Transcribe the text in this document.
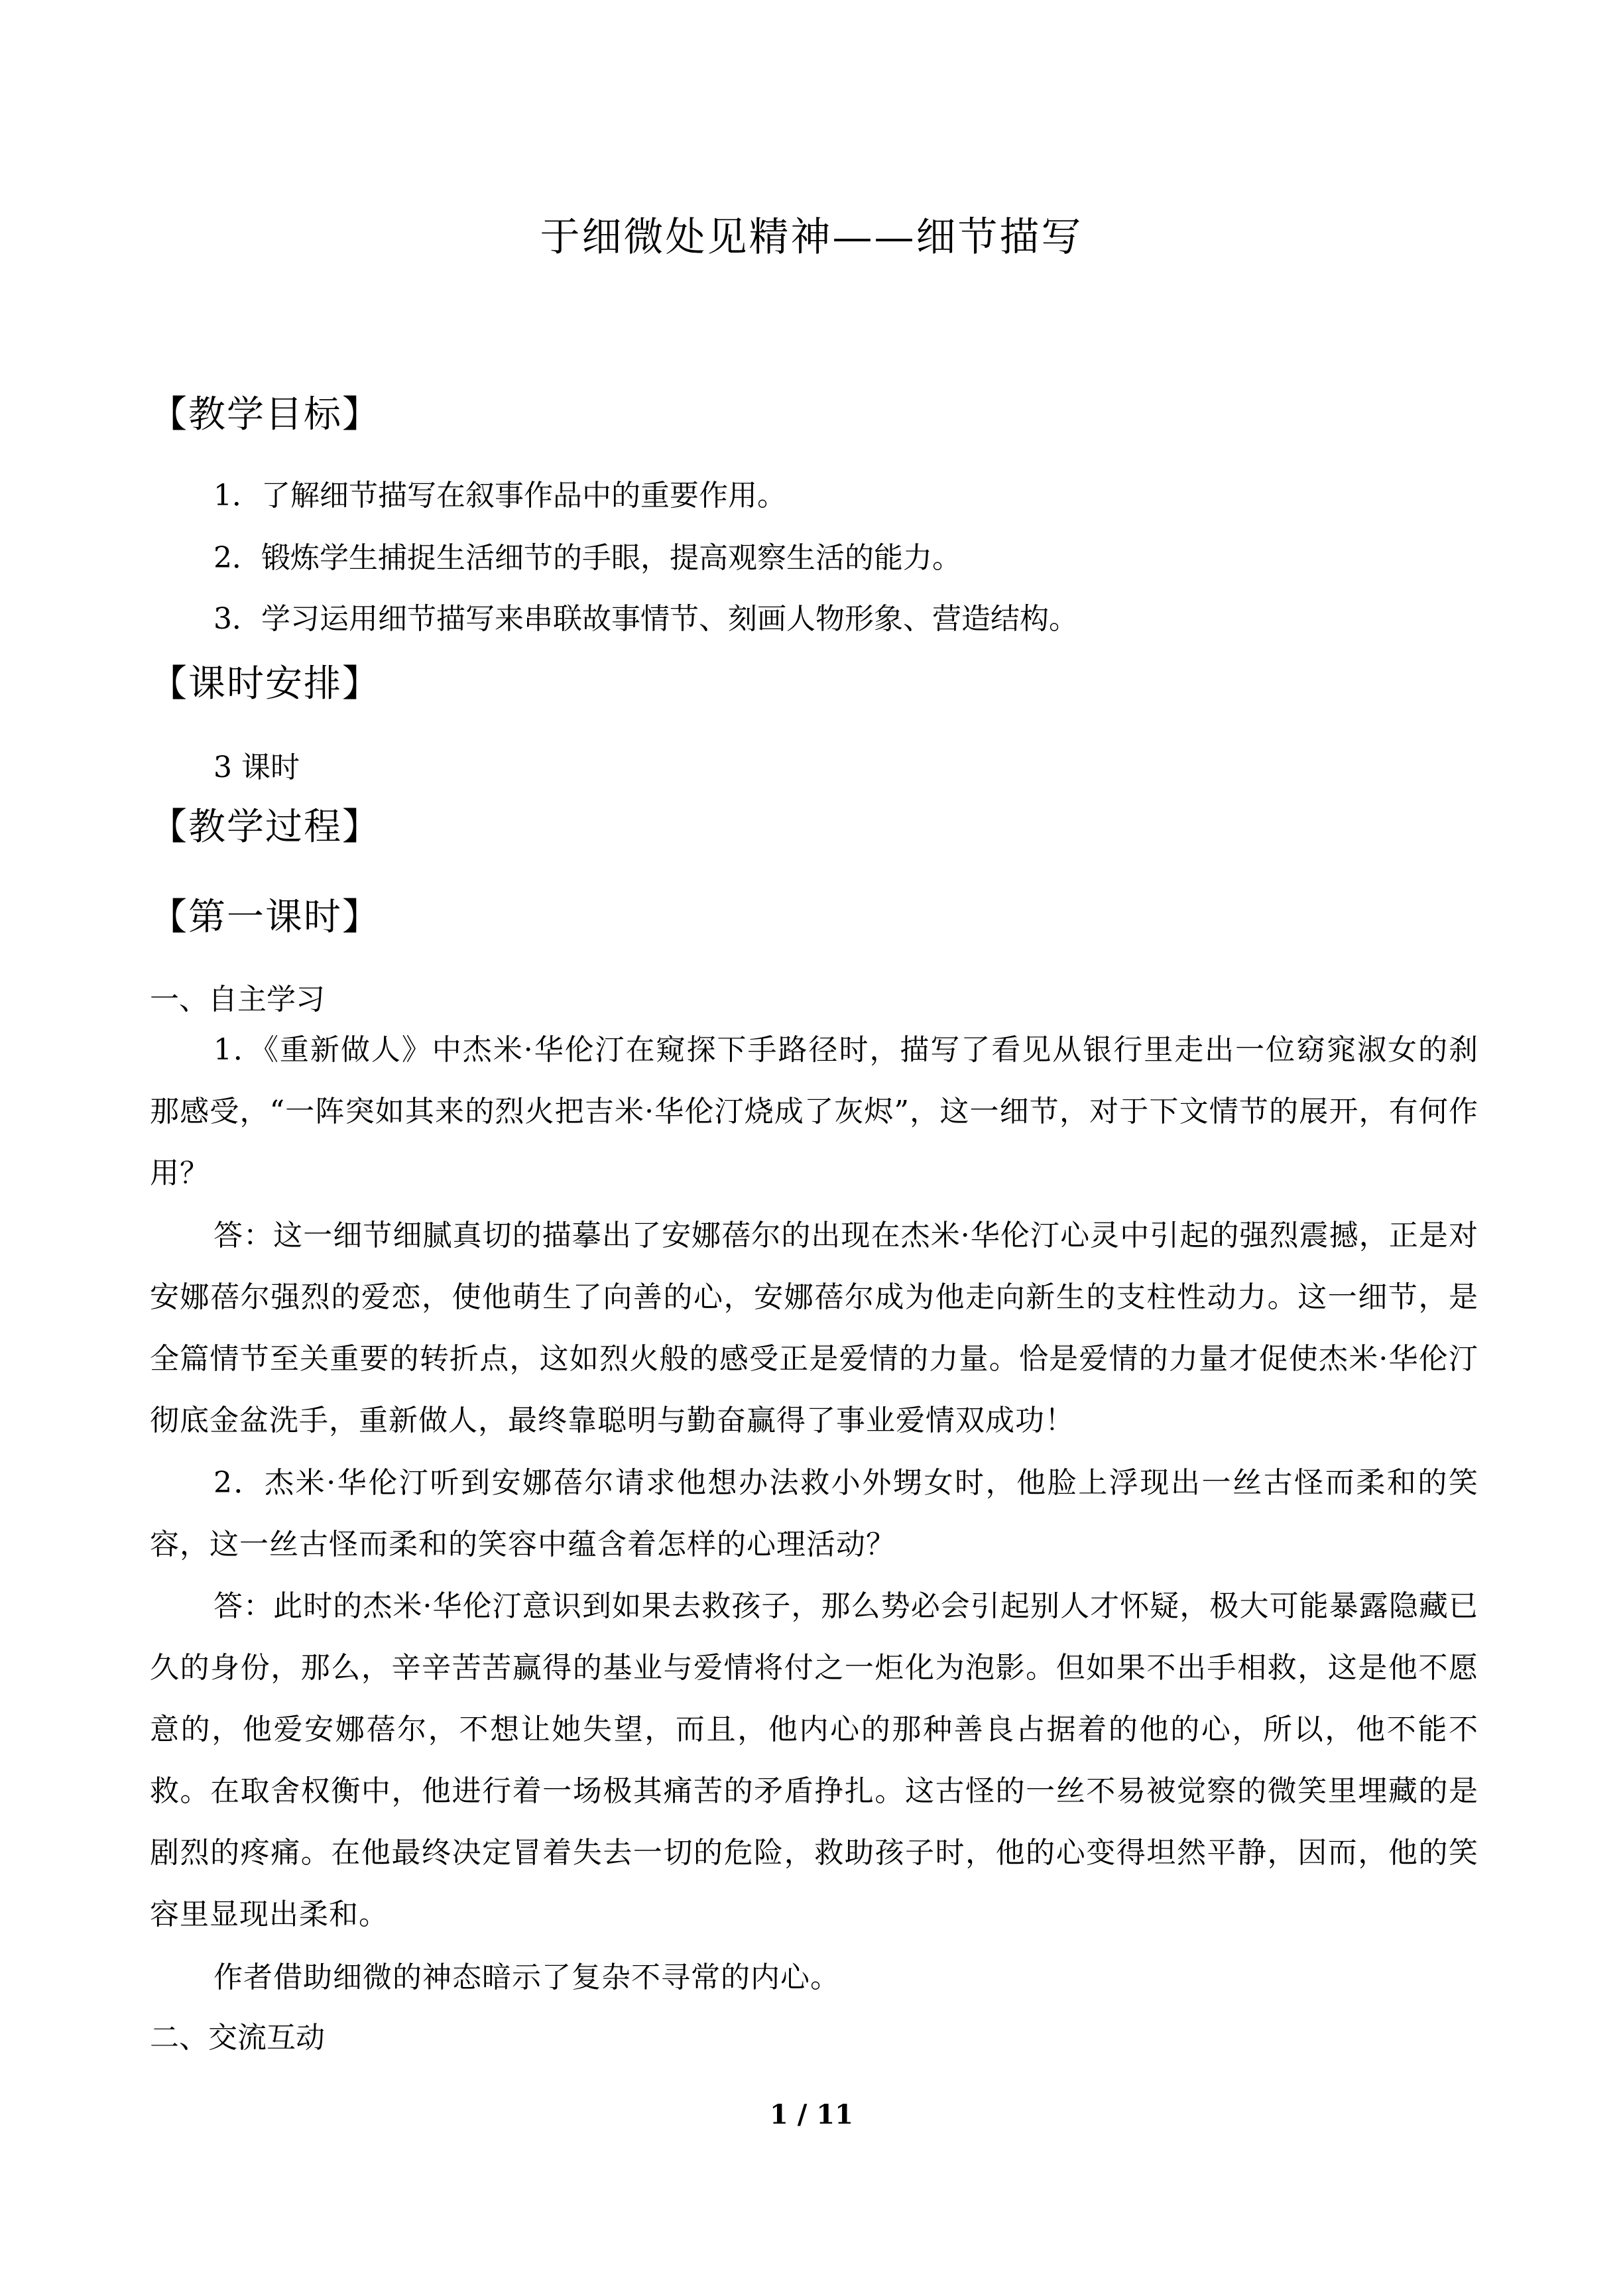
于细微处见精神——细节描写
【教学目标】
1．了解细节描写在叙事作品中的重要作用。
2．锻炼学生捕捉生活细节的手眼，提高观察生活的能力。
3．学习运用细节描写来串联故事情节、刻画人物形象、营造结构。
【课时安排】
3 课时
【教学过程】
【第一课时】
一、自主学习
1．《重新做人》中杰米·华伦汀在窥探下手路径时，描写了看见从银行里走出一位窈窕淑女的刹那感受，“一阵突如其来的烈火把吉米·华伦汀烧成了灰烬”，这一细节，对于下文情节的展开，有何作用？
答：这一细节细腻真切的描摹出了安娜蓓尔的出现在杰米·华伦汀心灵中引起的强烈震撼，正是对安娜蓓尔强烈的爱恋，使他萌生了向善的心，安娜蓓尔成为他走向新生的支柱性动力。这一细节，是全篇情节至关重要的转折点，这如烈火般的感受正是爱情的力量。恰是爱情的力量才促使杰米·华伦汀彻底金盆洗手，重新做人，最终靠聪明与勤奋赢得了事业爱情双成功！
2．杰米·华伦汀听到安娜蓓尔请求他想办法救小外甥女时，他脸上浮现出一丝古怪而柔和的笑容，这一丝古怪而柔和的笑容中蕴含着怎样的心理活动？
答：此时的杰米·华伦汀意识到如果去救孩子，那么势必会引起别人才怀疑，极大可能暴露隐藏已久的身份，那么，辛辛苦苦赢得的基业与爱情将付之一炬化为泡影。但如果不出手相救，这是他不愿意的，他爱安娜蓓尔，不想让她失望，而且，他内心的那种善良占据着的他的心，所以，他不能不救。在取舍权衡中，他进行着一场极其痛苦的矛盾挣扎。这古怪的一丝不易被觉察的微笑里埋藏的是剧烈的疼痛。在他最终决定冒着失去一切的危险，救助孩子时，他的心变得坦然平静，因而，他的笑容里显现出柔和。
作者借助细微的神态暗示了复杂不寻常的内心。
二、交流互动
1 / 11
